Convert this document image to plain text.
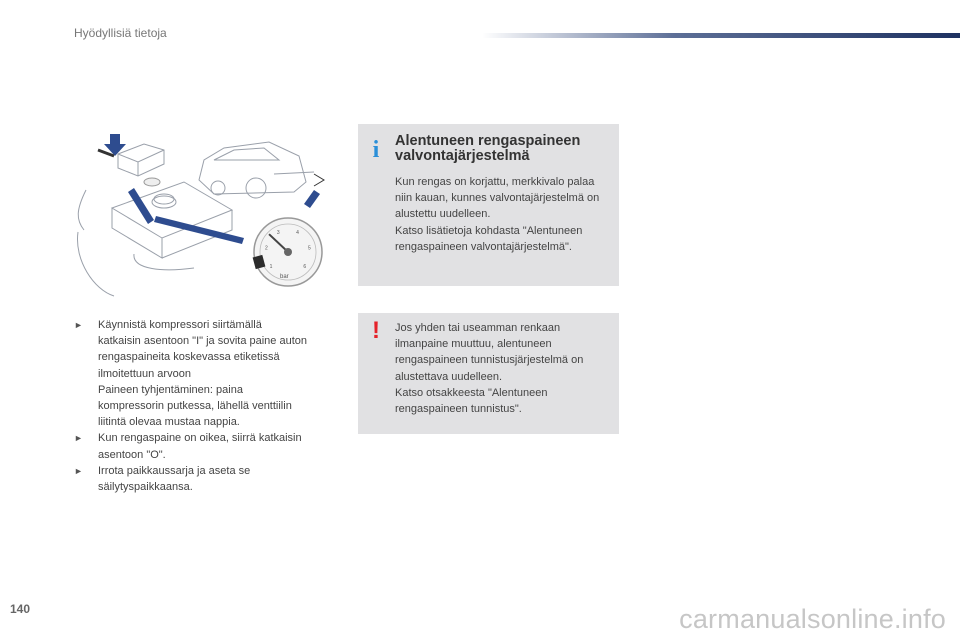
Hyödyllisiä tietoja
1
2
3	4
5
6
bar
►	Käynnistä kompressori siirtämällä

katkaisin asentoon "I" ja sovita paine auton

rengaspaineita koskevassa etiketissä

ilmoitettuun arvoon

Paineen tyhjentäminen: paina

kompressorin putkessa, lähellä venttiilin

liitintä olevaa mustaa nappia.

►	Kun rengaspaine on oikea, siirrä katkaisin

asentoon "O".

►	Irrota paikkaussarja ja aseta se

säilytyspaikkaansa.

i Alentuneen rengaspaineen valvontajärjestelmä

Kun rengas on korjattu, merkkivalo palaa niin kauan, kunnes valvontajärjestelmä on alustettu uudelleen.

Katso lisätietoja kohdasta "Alentuneen rengaspaineen valvontajärjestelmä".

! Jos yhden tai useamman renkaan ilmanpaine muuttuu, alentuneen rengaspaineen tunnistusjärjestelmä on alustettava uudelleen.

Katso otsakkeesta "Alentuneen rengaspaineen tunnistus".

140	carmanualsonline.info
